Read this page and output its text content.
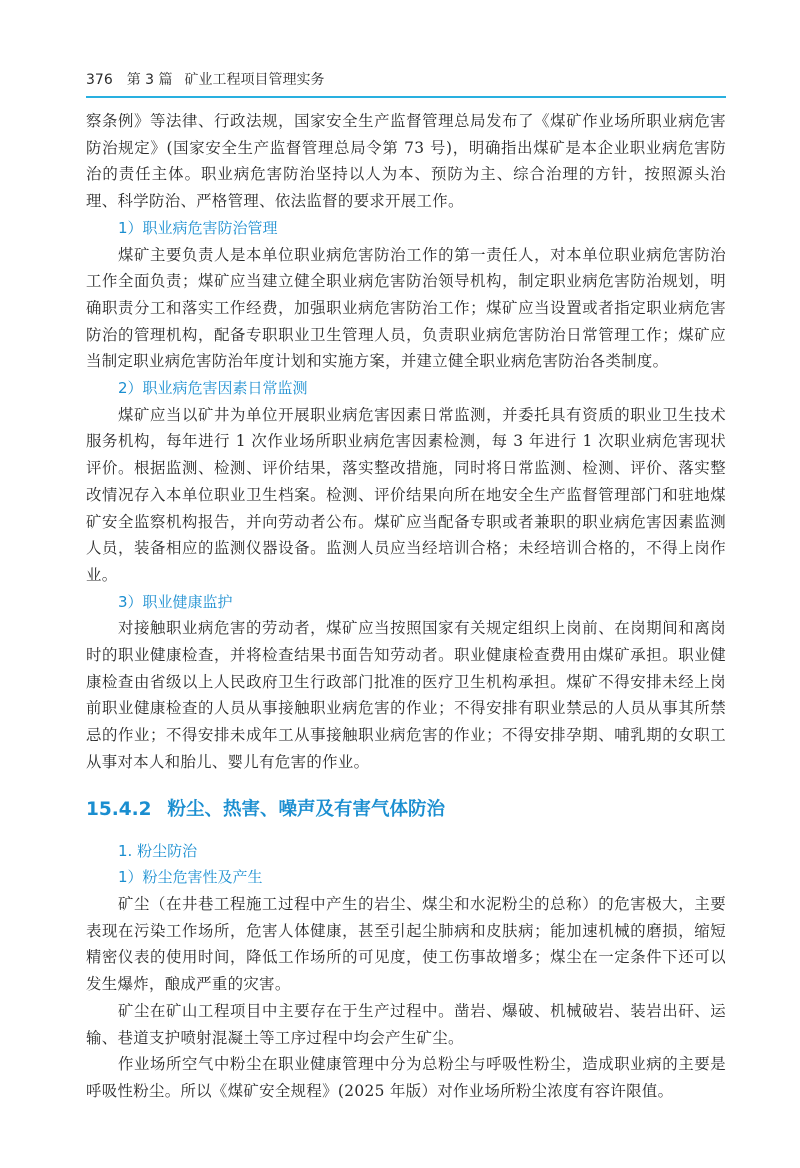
376 第 3 篇 矿业工程项目管理实务

察条例》等法律、行政法规，国家安全生产监督管理总局发布了《煤矿作业场所职业病危害防治规定》(国家安全生产监督管理总局令第 73 号)，明确指出煤矿是本企业职业病危害防治的责任主体。职业病危害防治坚持以人为本、预防为主、综合治理的方针，按照源头治理、科学防治、严格管理、依法监督的要求开展工作。

1）职业病危害防治管理

煤矿主要负责人是本单位职业病危害防治工作的第一责任人，对本单位职业病危害防治工作全面负责；煤矿应当建立健全职业病危害防治领导机构，制定职业病危害防治规划，明确职责分工和落实工作经费，加强职业病危害防治工作；煤矿应当设置或者指定职业病危害防治的管理机构，配备专职职业卫生管理人员，负责职业病危害防治日常管理工作；煤矿应当制定职业病危害防治年度计划和实施方案，并建立健全职业病危害防治各类制度。

2）职业病危害因素日常监测

煤矿应当以矿井为单位开展职业病危害因素日常监测，并委托具有资质的职业卫生技术服务机构，每年进行 1 次作业场所职业病危害因素检测，每 3 年进行 1 次职业病危害现状评价。根据监测、检测、评价结果，落实整改措施，同时将日常监测、检测、评价、落实整改情况存入本单位职业卫生档案。检测、评价结果向所在地安全生产监督管理部门和驻地煤矿安全监察机构报告，并向劳动者公布。煤矿应当配备专职或者兼职的职业病危害因素监测人员，装备相应的监测仪器设备。监测人员应当经培训合格；未经培训合格的，不得上岗作业。

3）职业健康监护

对接触职业病危害的劳动者，煤矿应当按照国家有关规定组织上岗前、在岗期间和离岗时的职业健康检查，并将检查结果书面告知劳动者。职业健康检查费用由煤矿承担。职业健康检查由省级以上人民政府卫生行政部门批准的医疗卫生机构承担。煤矿不得安排未经上岗前职业健康检查的人员从事接触职业病危害的作业；不得安排有职业禁忌的人员从事其所禁忌的作业；不得安排未成年工从事接触职业病危害的作业；不得安排孕期、哺乳期的女职工从事对本人和胎儿、婴儿有危害的作业。

15.4.2 粉尘、热害、噪声及有害气体防治
1. 粉尘防治
1）粉尘危害性及产生

矿尘（在井巷工程施工过程中产生的岩尘、煤尘和水泥粉尘的总称）的危害极大，主要表现在污染工作场所，危害人体健康，甚至引起尘肺病和皮肤病；能加速机械的磨损，缩短精密仪表的使用时间，降低工作场所的可见度，使工伤事故增多；煤尘在一定条件下还可以发生爆炸，酿成严重的灾害。

矿尘在矿山工程项目中主要存在于生产过程中。凿岩、爆破、机械破岩、装岩出矸、运输、巷道支护喷射混凝土等工序过程中均会产生矿尘。

作业场所空气中粉尘在职业健康管理中分为总粉尘与呼吸性粉尘，造成职业病的主要是呼吸性粉尘。所以《煤矿安全规程》(2025 年版）对作业场所粉尘浓度有容许限值。
